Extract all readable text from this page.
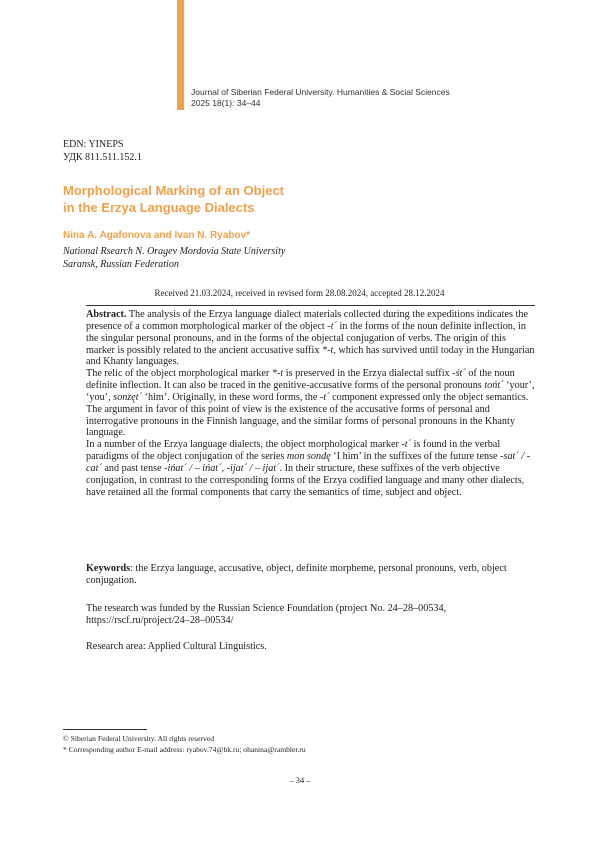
Journal of Siberian Federal University. Humanities & Social Sciences
2025 18(1): 34–44
EDN: YINEPS
УДК 811.511.152.1
Morphological Marking of an Object
in the Erzya Language Dialects
Nina A. Agafonova and Ivan N. Ryabov*
National Rsearch N. Oragev Mordovia State University
Saransk, Russian Federation
Received 21.03.2024, received in revised form 28.08.2024, accepted 28.12.2024

Abstract. The analysis of the Erzya language dialect materials collected during the expeditions indicates the presence of a common morphological marker of the object -t´ in the forms of the noun definite inflection, in the singular personal pronouns, and in the forms of the objectal conjugation of verbs. The origin of this marker is possibly related to the ancient accusative suffix *-t, which has survived until today in the Hungarian and Khanty languages.

The relic of the object morphological marker *-t is preserved in the Erzya dialectal suffix -śt´ of the noun definite inflection. It can also be traced in the genitive-accusative forms of the personal pronouns tońt´ ‘your’, ‘you’, sonzęt´ ‘him’. Originally, in these word forms, the -t´ component expressed only the object semantics. The argument in favor of this point of view is the existence of the accusative forms of personal and interrogative pronouns in the Finnish language, and the similar forms of personal pronouns in the Khanty language.

In a number of the Erzya language dialects, the object morphological marker -t´ is found in the verbal paradigms of the object conjugation of the series mon sondę ‘I him’ in the suffixes of the future tense -sat´ / -cat´ and past tense -ińat´ / – ińat´, -ijat´ / – ijat´. In their structure, these suffixes of the verb objective conjugation, in contrast to the corresponding forms of the Erzya codified language and many other dialects, have retained all the formal components that carry the semantics of time, subject and object.

Keywords: the Erzya language, accusative, object, definite morpheme, personal pronouns, verb, object conjugation.
The research was funded by the Russian Science Foundation (project No. 24–28–00534, https://rscf.ru/project/24–28–00534/
Research area: Applied Cultural Linguistics.
© Siberian Federal University. All rights reserved
* Corresponding author E-mail address: ryabov.74@bk.ru; ohanina@rambler.ru
– 34 –
